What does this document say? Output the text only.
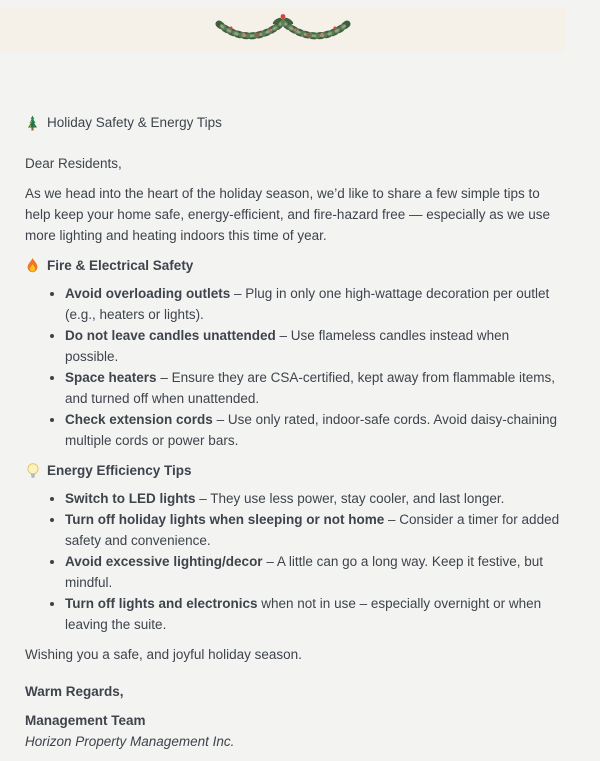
Holiday Safety & Energy Tips

Dear Residents,

As we head into the heart of the holiday season, we’d like to share a few simple tips to help keep your home safe, energy-efficient, and fire-hazard free — especially as we use more lighting and heating indoors this time of year.

Fire & Electrical Safety
• Avoid overloading outlets – Plug in only one high-wattage decoration per outlet (e.g., heaters or lights).
• Do not leave candles unattended – Use flameless candles instead when possible.
• Space heaters – Ensure they are CSA-certified, kept away from flammable items, and turned off when unattended.
• Check extension cords – Use only rated, indoor-safe cords. Avoid daisy-chaining multiple cords or power bars.
Energy Efficiency Tips
• Switch to LED lights – They use less power, stay cooler, and last longer.
• Turn off holiday lights when sleeping or not home – Consider a timer for added safety and convenience.
• Avoid excessive lighting/decor – A little can go a long way. Keep it festive, but mindful.
• Turn off lights and electronics when not in use – especially overnight or when leaving the suite.

Wishing you a safe, and joyful holiday season.

Warm Regards,

Management Team
Horizon Property Management Inc.
